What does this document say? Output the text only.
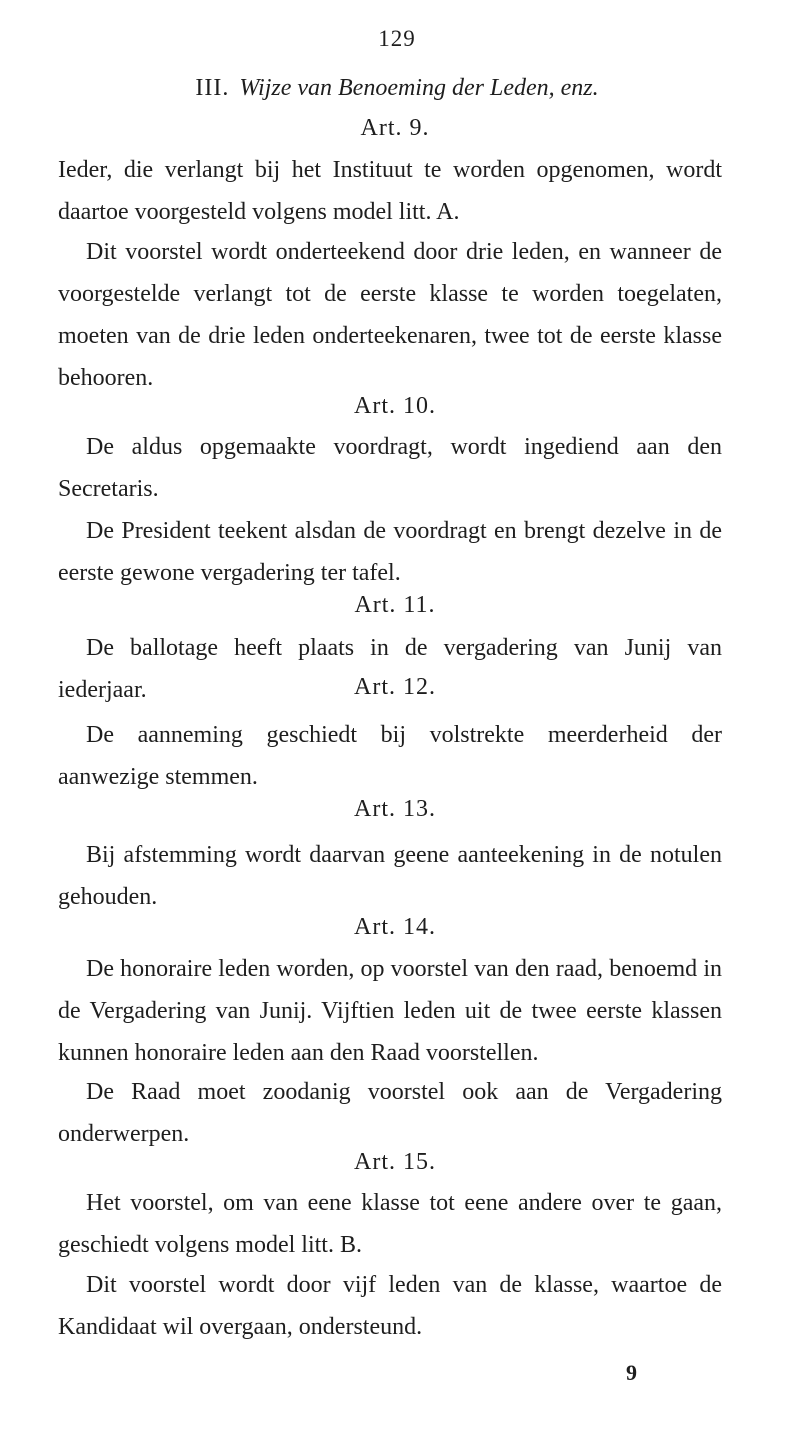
129
III. Wijze van Benoeming der Leden, enz.
Art. 9.

Ieder, die verlangt bij het Instituut te worden opgenomen, wordt daartoe voorgesteld volgens model litt. A.

Dit voorstel wordt onderteekend door drie leden, en wanneer de voorgestelde verlangt tot de eerste klasse te worden toegelaten, moeten van de drie leden onderteekenaren, twee tot de eerste klasse behooren.

Art. 10.

De aldus opgemaakte voordragt, wordt ingediend aan den Secretaris.

De President teekent alsdan de voordragt en brengt dezelve in de eerste gewone vergadering ter tafel.

Art. 11.

De ballotage heeft plaats in de vergadering van Junij van iederjaar.	Art. 12.

De aanneming geschiedt bij volstrekte meerderheid der aanwezige stemmen.

Art. 13.

Bij afstemming wordt daarvan geene aanteekening in de notulen gehouden.

Art. 14.

De honoraire leden worden, op voorstel van den raad, benoemd in de Vergadering van Junij. Vijftien leden uit de twee eerste klassen kunnen honoraire leden aan den Raad voorstellen.

De Raad moet zoodanig voorstel ook aan de Vergadering onderwerpen.

Art. 15.

Het voorstel, om van eene klasse tot eene andere over te gaan, geschiedt volgens model litt. B.

Dit voorstel wordt door vijf leden van de klasse, waartoe de Kandidaat wil overgaan, ondersteund.

9
